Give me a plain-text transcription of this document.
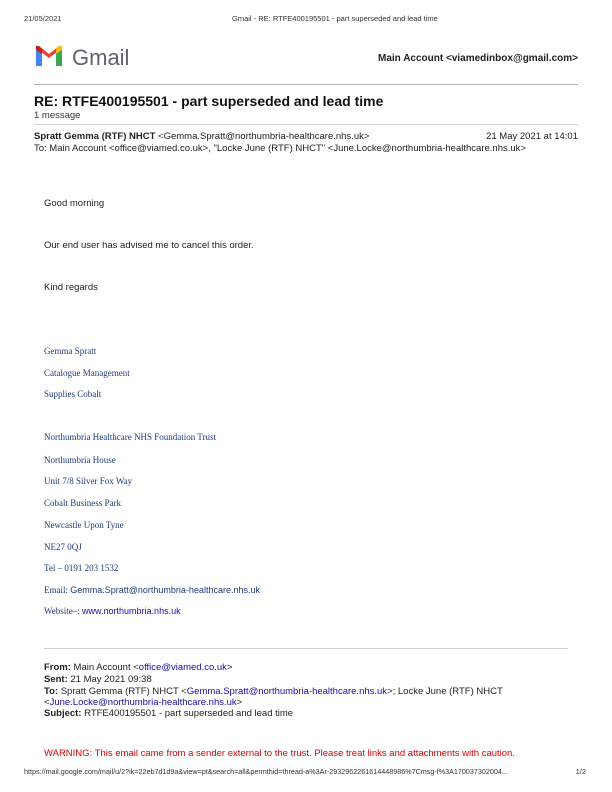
21/05/2021	Gmail - RE: RTFE400195501 - part superseded and lead time
Gmail	Main Account <viamedinbox@gmail.com>
RE: RTFE400195501 - part superseded and lead time
1 message
Spratt Gemma (RTF) NHCT <Gemma.Spratt@northumbria-healthcare.nhs.uk>	21 May 2021 at 14:01
To: Main Account <office@viamed.co.uk>, "Locke June (RTF) NHCT" <June.Locke@northumbria-healthcare.nhs.uk>
Good morning
Our end user has advised me to cancel this order.
Kind regards
Gemma Spratt
Catalogue Management
Supplies Cobalt
Northumbria Healthcare NHS Foundation Trust
Northumbria House
Unit 7/8 Silver Fox Way
Cobalt Business Park
Newcastle Upon Tyne
NE27 0QJ
Tel – 0191 203 1532
Email: Gemma.Spratt@northumbria-healthcare.nhs.uk
Website–: www.northumbria.nhs.uk
From: Main Account <office@viamed.co.uk>
Sent: 21 May 2021 09:38
To: Spratt Gemma (RTF) NHCT <Gemma.Spratt@northumbria-healthcare.nhs.uk>; Locke June (RTF) NHCT
<June.Locke@northumbria-healthcare.nhs.uk>
Subject: RTFE400195501 - part superseded and lead time
WARNING: This email came from a sender external to the trust. Please treat links and attachments with caution.
https://mail.google.com/mail/u/2?ik=22eb7d1d9a&view=pt&search=all&permthid=thread-a%3Ar-2932962261614448986%7Cmsg-f%3A170037302004...	1/2
